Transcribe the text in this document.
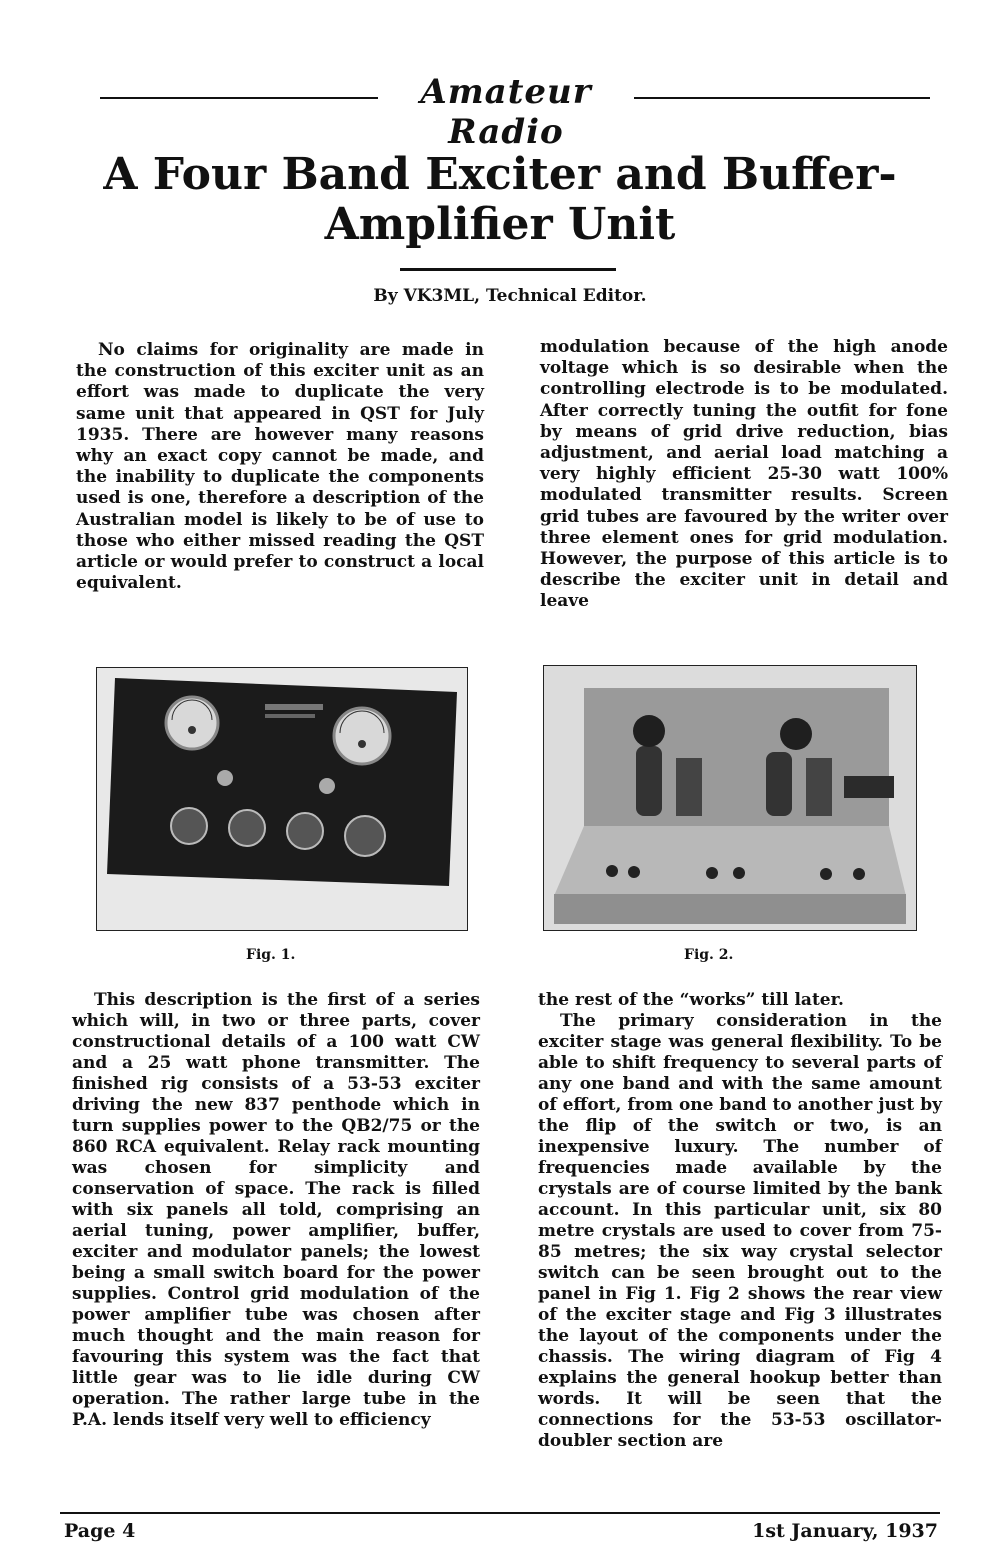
Amateur Radio
A Four Band Exciter and Buffer-
Amplifier Unit
By VK3ML, Technical Editor.

No claims for originality are made in the construction of this exciter unit as an effort was made to duplicate the very same unit that appeared in QST for July 1935. There are however many reasons why an exact copy cannot be made, and the inability to duplicate the components used is one, therefore a description of the Australian model is likely to be of use to those who either missed reading the QST article or would prefer to construct a local equivalent.

modulation because of the high anode voltage which is so desirable when the controlling electrode is to be modulated. After correctly tuning the outfit for fone by means of grid drive reduction, bias adjustment, and aerial load matching a very highly efficient 25-30 watt 100% modulated transmitter results. Screen grid tubes are favoured by the writer over three element ones for grid modulation. However, the purpose of this article is to describe the exciter unit in detail and leave

Fig. 1.	Fig. 2.

This description is the first of a series which will, in two or three parts, cover constructional details of a 100 watt CW and a 25 watt phone transmitter. The finished rig consists of a 53-53 exciter driving the new 837 penthode which in turn supplies power to the QB2/75 or the 860 RCA equivalent. Relay rack mounting was chosen for simplicity and conservation of space. The rack is filled with six panels all told, comprising an aerial tuning, power amplifier, buffer, exciter and modulator panels; the lowest being a small switch board for the power supplies. Control grid modulation of the power amplifier tube was chosen after much thought and the main reason for favouring this system was the fact that little gear was to lie idle during CW operation. The rather large tube in the P.A. lends itself very well to efficiency

the rest of the “works” till later.

The primary consideration in the exciter stage was general flexibility. To be able to shift frequency to several parts of any one band and with the same amount of effort, from one band to another just by the flip of the switch or two, is an inexpensive luxury. The number of frequencies made available by the crystals are of course limited by the bank account. In this particular unit, six 80 metre crystals are used to cover from 75-85 metres; the six way crystal selector switch can be seen brought out to the panel in Fig 1. Fig 2 shows the rear view of the exciter stage and Fig 3 illustrates the layout of the components under the chassis. The wiring diagram of Fig 4 explains the general hookup better than words. It will be seen that the connections for the 53-53 oscillator-doubler section are

Page 4	1st January, 1937
